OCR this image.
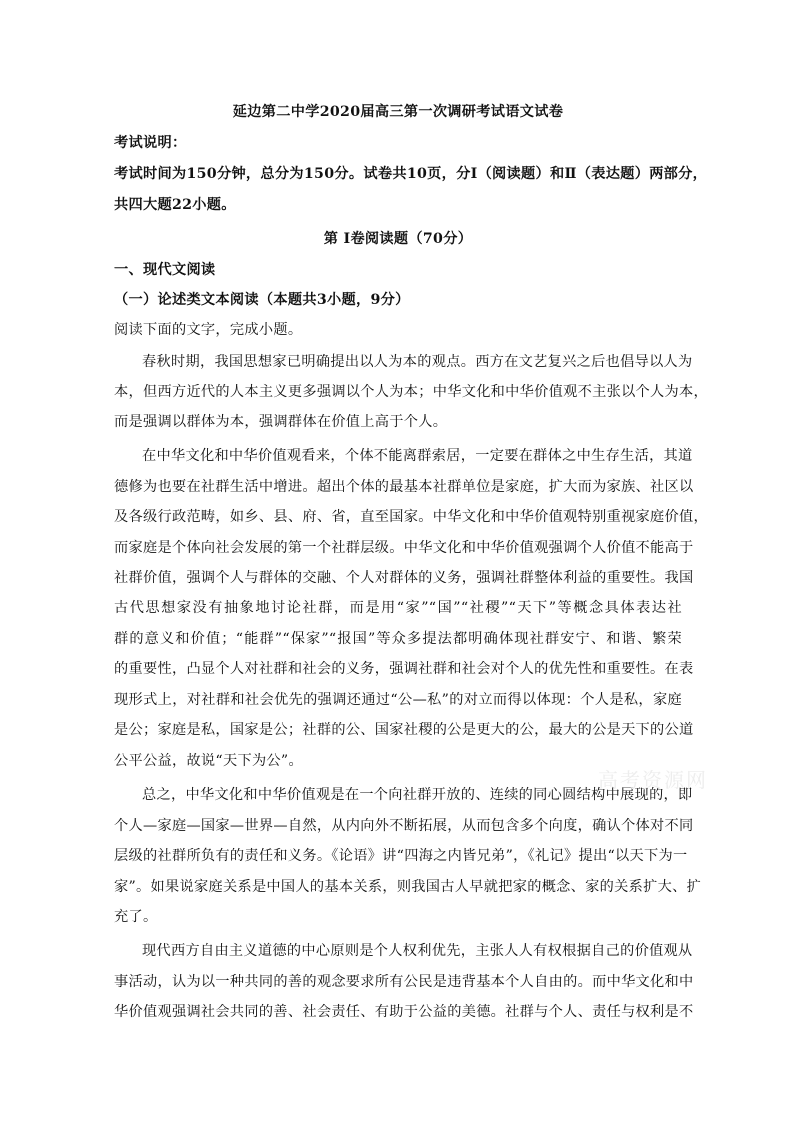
延边第二中学2020届高三第一次调研考试语文试卷
考试说明：
考试时间为150分钟，总分为150分。试卷共10页，分Ⅰ（阅读题）和Ⅱ（表达题）两部分，
共四大题22小题。
第 Ⅰ卷阅读题（70分）
一、现代文阅读
（一）论述类文本阅读（本题共3小题，9分）
阅读下面的文字，完成小题。
春秋时期，我国思想家已明确提出以人为本的观点。西方在文艺复兴之后也倡导以人为
本，但西方近代的人本主义更多强调以个人为本；中华文化和中华价值观不主张以个人为本，
而是强调以群体为本，强调群体在价值上高于个人。
在中华文化和中华价值观看来，个体不能离群索居，一定要在群体之中生存生活，其道
德修为也要在社群生活中增进。超出个体的最基本社群单位是家庭，扩大而为家族、社区以
及各级行政范畴，如乡、县、府、省，直至国家。中华文化和中华价值观特别重视家庭价值，
而家庭是个体向社会发展的第一个社群层级。中华文化和中华价值观强调个人价值不能高于
社群价值，强调个人与群体的交融、个人对群体的义务，强调社群整体利益的重要性。我国
古代思想家没有抽象地讨论社群，而是用“家”“国”“社稷”“天下”等概念具体表达社
群的意义和价值；“能群”“保家”“报国”等众多提法都明确体现社群安宁、和谐、繁荣
的重要性，凸显个人对社群和社会的义务，强调社群和社会对个人的优先性和重要性。在表
现形式上，对社群和社会优先的强调还通过“公—私”的对立而得以体现：个人是私，家庭
是公；家庭是私，国家是公；社群的公、国家社稷的公是更大的公，最大的公是天下的公道
公平公益，故说“天下为公”。
总之，中华文化和中华价值观是在一个向社群开放的、连续的同心圆结构中展现的，即
个人—家庭—国家—世界—自然，从内向外不断拓展，从而包含多个向度，确认个体对不同
层级的社群所负有的责任和义务。《论语》讲“四海之内皆兄弟”，《礼记》提出“以天下为一
家”。如果说家庭关系是中国人的基本关系，则我国古人早就把家的概念、家的关系扩大、扩
充了。
现代西方自由主义道德的中心原则是个人权利优先，主张人人有权根据自己的价值观从
事活动，认为以一种共同的善的观念要求所有公民是违背基本个人自由的。而中华文化和中
华价值观强调社会共同的善、社会责任、有助于公益的美德。社群与个人、责任与权利是不
高考资源网
